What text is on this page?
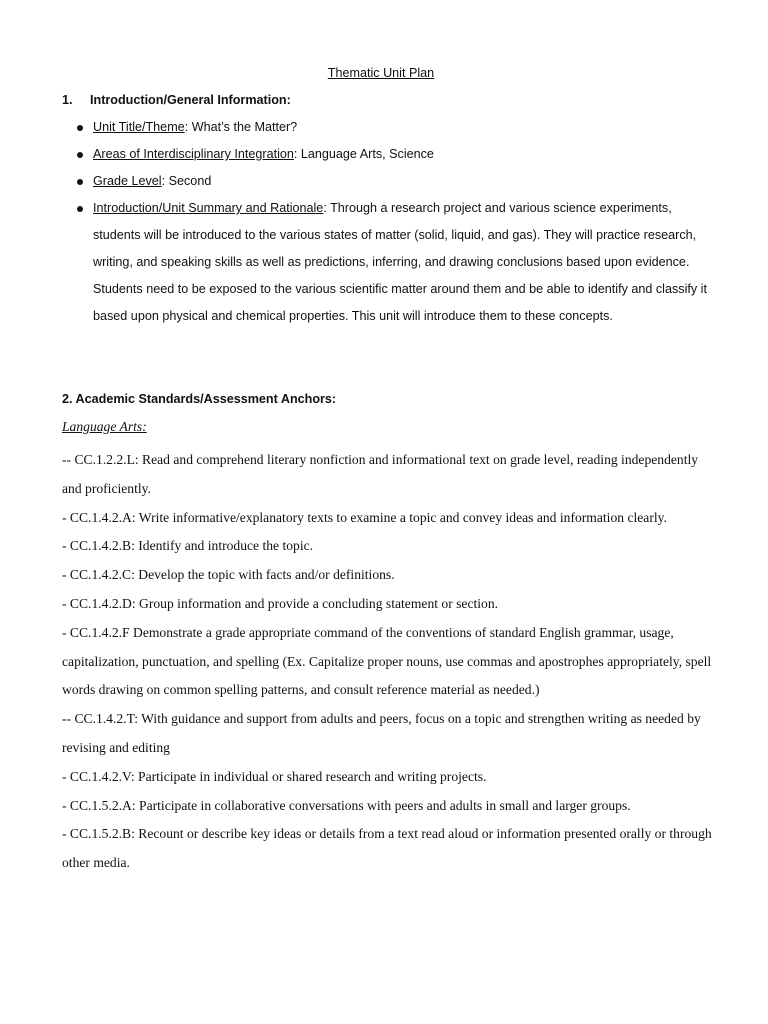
Thematic Unit Plan
1. Introduction/General Information:
Unit Title/Theme: What’s the Matter?
Areas of Interdisciplinary Integration: Language Arts, Science
Grade Level: Second
Introduction/Unit Summary and Rationale: Through a research project and various science experiments, students will be introduced to the various states of matter (solid, liquid, and gas). They will practice research, writing, and speaking skills as well as predictions, inferring, and drawing conclusions based upon evidence. Students need to be exposed to the various scientific matter around them and be able to identify and classify it based upon physical and chemical properties. This unit will introduce them to these concepts.
2. Academic Standards/Assessment Anchors:
Language Arts:
-- CC.1.2.2.L: Read and comprehend literary nonfiction and informational text on grade level, reading independently and proficiently.
- CC.1.4.2.A: Write informative/explanatory texts to examine a topic and convey ideas and information clearly.
- CC.1.4.2.B: Identify and introduce the topic.
- CC.1.4.2.C: Develop the topic with facts and/or definitions.
- CC.1.4.2.D: Group information and provide a concluding statement or section.
- CC.1.4.2.F Demonstrate a grade appropriate command of the conventions of standard English grammar, usage, capitalization, punctuation, and spelling (Ex. Capitalize proper nouns, use commas and apostrophes appropriately, spell words drawing on common spelling patterns, and consult reference material as needed.)
-- CC.1.4.2.T: With guidance and support from adults and peers, focus on a topic and strengthen writing as needed by revising and editing
- CC.1.4.2.V: Participate in individual or shared research and writing projects.
- CC.1.5.2.A: Participate in collaborative conversations with peers and adults in small and larger groups.
- CC.1.5.2.B: Recount or describe key ideas or details from a text read aloud or information presented orally or through other media.
